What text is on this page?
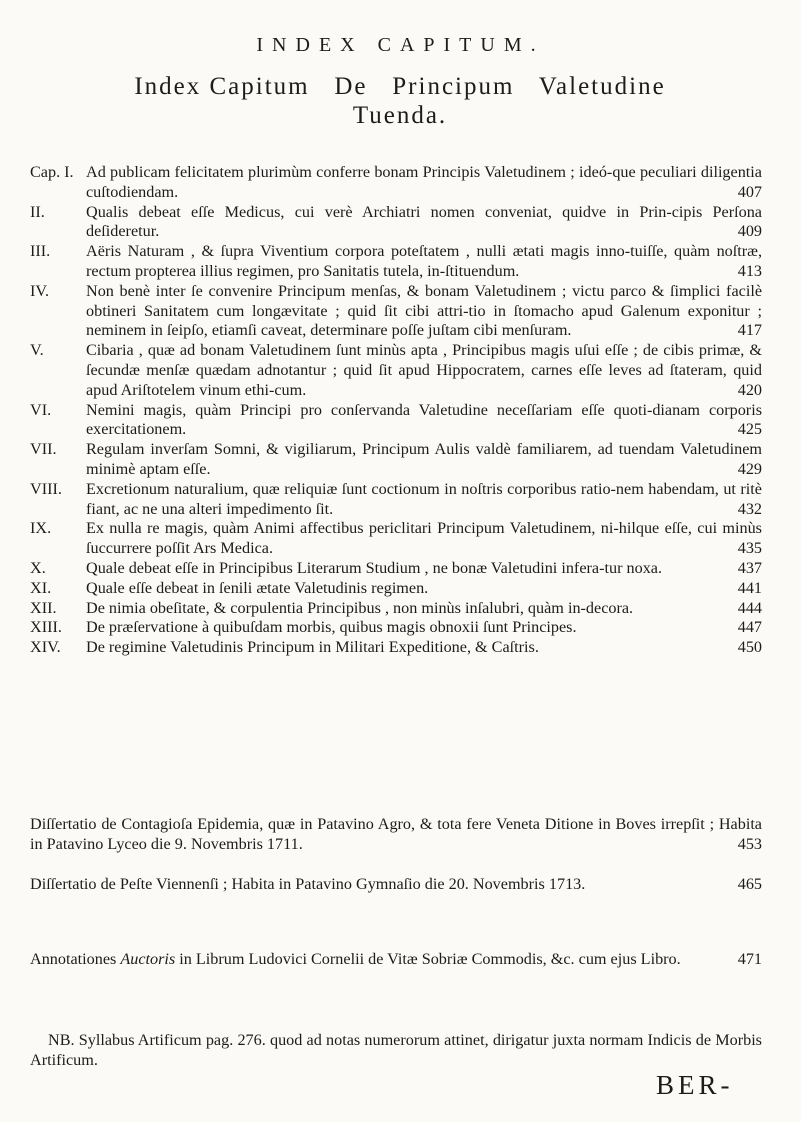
INDEX CAPITUM.
Index Capitum De Principum Valetudine
Tuenda.
Cap. I. Ad publicam felicitatem plurimùm conferre bonam Principis Valetudinem ; ideó-que peculiari diligentia cuſtodiendam.	407
II.	Qualis debeat eſſe Medicus, cui verè Archiatri nomen conveniat, quidve in Prin-cipis Perſona deſideretur.	409
III.	Aëris Naturam , & ſupra Viventium corpora poteſtatem , nulli ætati magis inno-tuiſſe, quàm noſtræ, rectum propterea illius regimen, pro Sanitatis tutela, in-ſtituendum.	413
IV.	Non benè inter ſe convenire Principum menſas, & bonam Valetudinem ; victu parco & ſimplici facilè obtineri Sanitatem cum longævitate ; quid ſit cibi attri-tio in ſtomacho apud Galenum exponitur ; neminem in ſeipſo, etiamſi caveat, determinare poſſe juſtam cibi menſuram.	417
V.	Cibaria , quæ ad bonam Valetudinem ſunt minùs apta , Principibus magis uſui eſſe ; de cibis primæ, & ſecundæ menſæ quædam adnotantur ; quid ſit apud Hippocratem, carnes eſſe leves ad ſtateram, quid apud Ariſtotelem vinum ethi-cum.	420
VI.	Nemini magis, quàm Principi pro conſervanda Valetudine neceſſariam eſſe quoti-dianam corporis exercitationem.	425
VII.	Regulam inverſam Somni, & vigiliarum, Principum Aulis valdè familiarem, ad tuendam Valetudinem minimè aptam eſſe.	429
VIII.	Excretionum naturalium, quæ reliquiæ ſunt coctionum in noſtris corporibus ratio-nem habendam, ut ritè fiant, ac ne una alteri impedimento ſit.	432
IX.	Ex nulla re magis, quàm Animi affectibus periclitari Principum Valetudinem, ni-hilque eſſe, cui minùs ſuccurrere poſſit Ars Medica.	435
X.	Quale debeat eſſe in Principibus Literarum Studium , ne bonæ Valetudini infera-tur noxa.	437
XI.	Quale eſſe debeat in ſenili ætate Valetudinis regimen.	441
XII.	De nimia obeſitate, & corpulentia Principibus , non minùs inſalubri, quàm in-decora.	444
XIII.	De præſervatione à quibuſdam morbis, quibus magis obnoxii ſunt Principes.	447
XIV.	De regimine Valetudinis Principum in Militari Expeditione, & Caſtris.	450
Diſſertatio de Contagioſa Epidemia, quæ in Patavino Agro, & tota fere Veneta Ditione in Boves irrepſit ; Habita in Patavino Lyceo die 9. Novembris 1711.	453
Diſſertatio de Peſte Viennenſi ; Habita in Patavino Gymnaſio die 20. Novembris 1713.	465
Annotationes Auctoris in Librum Ludovici Cornelii de Vitæ Sobriæ Commodis, &c. cum ejus Libro.	471
NB. Syllabus Artificum pag. 276. quod ad notas numerorum attinet, dirigatur juxta normam Indicis de Morbis Artificum.
BER-
